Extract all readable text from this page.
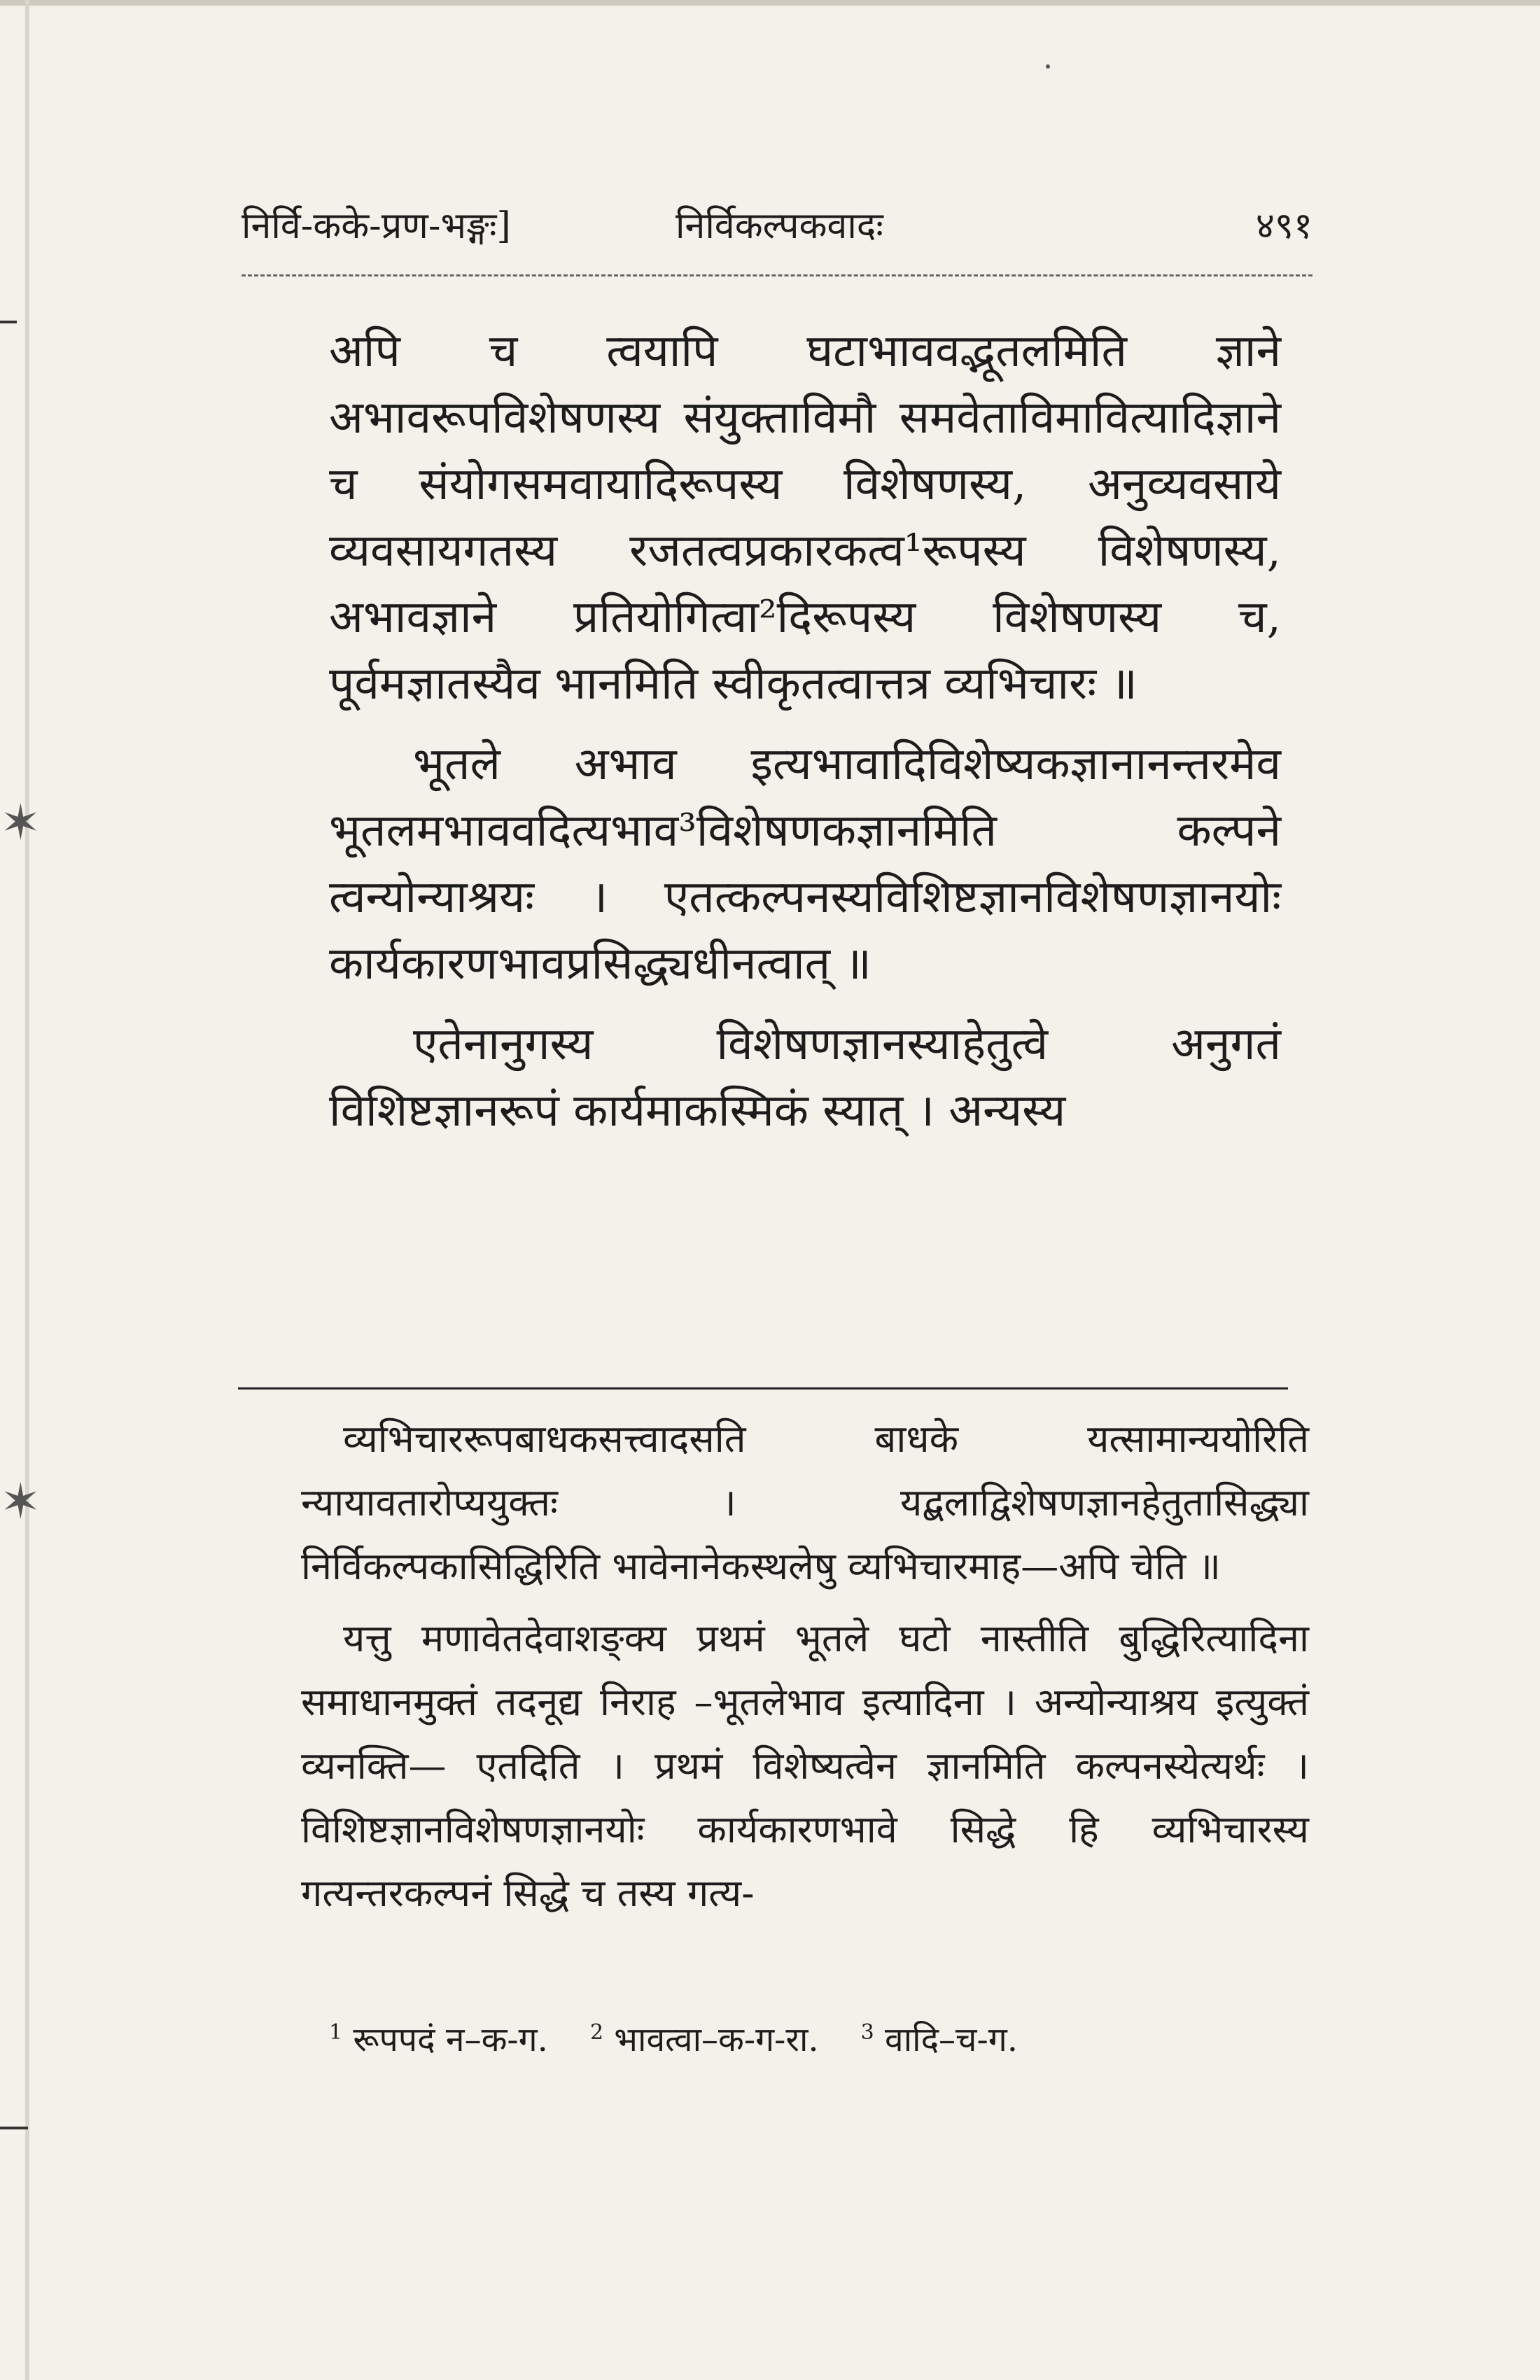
✶
✶
निर्वि-कके-प्रण-भङ्गः]	निर्विकल्पकवादः	४९१

अपि च त्वयापि घटाभाववद्भूतलमिति ज्ञाने अभावरूपविशेषणस्य संयुक्ताविमौ समवेताविमावित्यादिज्ञाने च संयोगसमवायादिरूपस्य विशेषणस्य, अनुव्यवसाये व्यवसायगतस्य रजतत्वप्रकारकत्व¹रूपस्य विशेषणस्य, अभावज्ञाने प्रतियोगित्वा²दिरूपस्य विशेषणस्य च, पूर्वमज्ञातस्यैव भानमिति स्वीकृतत्वात्तत्र व्यभिचारः ॥

भूतले अभाव इत्यभावादिविशेष्यकज्ञानानन्तरमेव भूतलमभाववदित्यभाव³विशेषणकज्ञानमिति कल्पने त्वन्योन्याश्रयः । एतत्कल्पनस्यविशिष्टज्ञानविशेषणज्ञानयोः कार्यकारणभावप्रसिद्ध्यधीनत्वात् ॥

एतेनानुगस्य विशेषणज्ञानस्याहेतुत्वे अनुगतं विशिष्टज्ञानरूपं कार्यमाकस्मिकं स्यात् । अन्यस्य

व्यभिचाररूपबाधकसत्त्वादसति बाधके यत्सामान्ययोरिति न्यायावतारोप्ययुक्तः । यद्बलाद्विशेषणज्ञानहेतुतासिद्ध्या निर्विकल्पकासिद्धिरिति भावेनानेकस्थलेषु व्यभिचारमाह—अपि चेति ॥

यत्तु मणावेतदेवाशङ्क्य प्रथमं भूतले घटो नास्तीति बुद्धिरित्यादिना समाधानमुक्तं तदनूद्य निराह –भूतलेभाव इत्यादिना । अन्योन्याश्रय इत्युक्तं व्यनक्ति— एतदिति । प्रथमं विशेष्यत्वेन ज्ञानमिति कल्पनस्येत्यर्थः । विशिष्टज्ञानविशेषणज्ञानयोः कार्यकारणभावे सिद्धे हि व्यभिचारस्य गत्यन्तरकल्पनं सिद्धे च तस्य गत्य-

$^1$ रूपपदं न–क-ग. $^2$ भावत्वा–क-ग-रा. $^3$ वादि–च-ग.
